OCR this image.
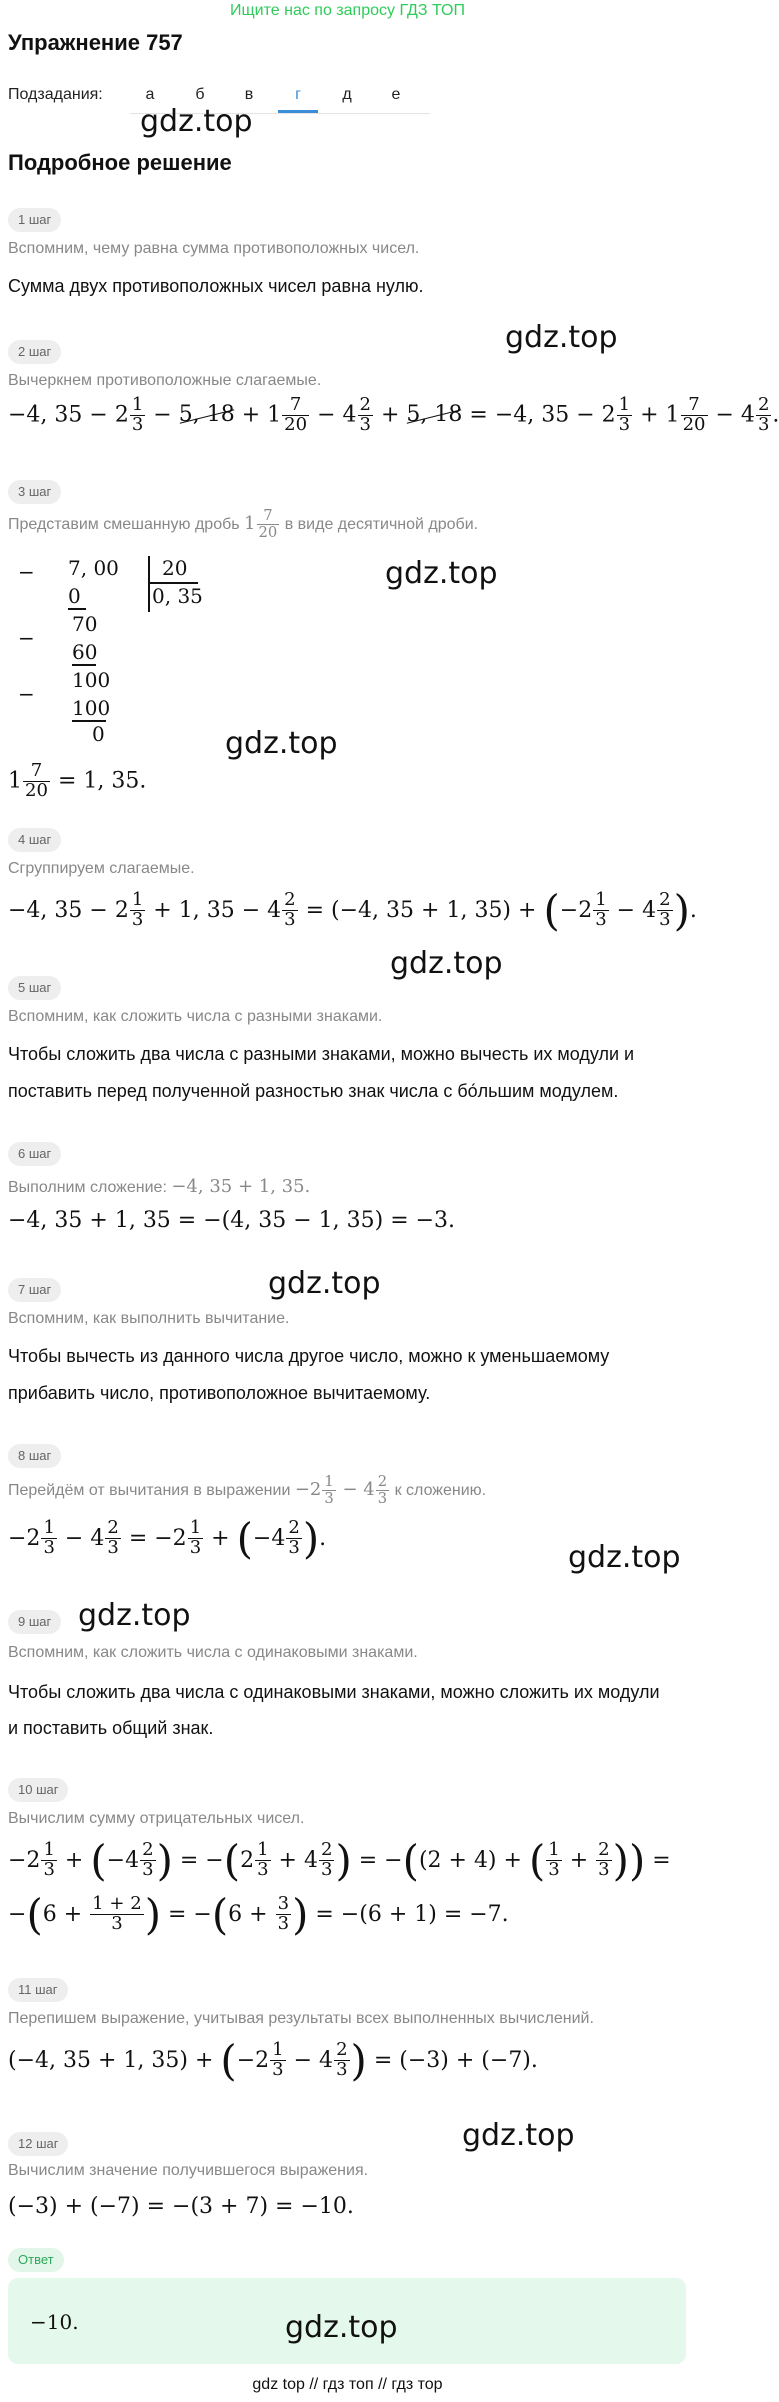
Ищите нас по запросу ГДЗ ТОП
Упражнение 757
Подзадания:	а	б	в	г	д	е
gdz.top
Подробное решение
1 шаг
Вспомним, чему равна сумма противоположных чисел.
Сумма двух противоположных чисел равна нулю.
gdz.top
2 шаг
Вычеркнем противоположные слагаемые.
−4, $35 - 2 \frac{1}{3} - 5$, $18 + 1 \frac{7}{20} - 4 \frac{2}{3} + 5$, 18 = −4, $35 - 2 \frac{1}{3} + 1 \frac{7}{20} - 4 \frac{2}{3}$ .
3 шаг
Представим смешанную дробь $1 \frac{7}{20}$ в виде десятичной дроби.
− 7, 00 20
0, 35
0
−
70
60
−
100
100
0
gdz.top
gdz.top
$1 \frac{7}{20} = 1$, 35.
4 шаг
Сгруппируем слагаемые.
−4, $35 - 2 \frac{1}{3} + 1$, $35 - 4 \frac{2}{3} = (-4$, 35 + 1, $35) + (-2 \frac{1}{3} - 4 \frac{2}{3}$ ).
gdz.top
5 шаг
Вспомним, как сложить числа с разными знаками.
Чтобы сложить два числа с разными знаками, можно вычесть их модули и
поставить перед полученной разностью знак числа с бо́льшим модулем.
6 шаг
Выполним сложение: −4, 35 + 1, 35.
−4, 35 + 1, 35 = −(4, 35 − 1, 35) = −3.
gdz.top
7 шаг
Вспомним, как выполнить вычитание.
Чтобы вычесть из данного числа другое число, можно к уменьшаемому
прибавить число, противоположное вычитаемому.
8 шаг
Перейдём от вычитания в выражении $-2 \frac{1}{3} - 4 \frac{2}{3}$ к сложению.
$-2 \frac{1}{3} - 4 \frac{2}{3} = -2 \frac{1}{3} + (-4 \frac{2}{3}$ ).
gdz.top
9 шаг gdz.top
Вспомним, как сложить числа с одинаковыми знаками.
Чтобы сложить два числа с одинаковыми знаками, можно сложить их модули
и поставить общий знак.
10 шаг
Вычислим сумму отрицательных чисел.
$-2 \frac{1}{3} + (-4 \frac{2}{3}$ ) = $-(2 \frac{1}{3} + 4 \frac{2}{3}$ ) = −((2 + 4) + ( $\frac{1}{3} + \frac{2}{3}$ )) =
$-(6 + \frac{1 + 2}{3}$ ) = $-(6 + \frac{3}{3}$ ) = −(6 + 1) = −7.
11 шаг
Перепишем выражение, учитывая результаты всех выполненных вычислений.
(−4, 35 + 1, $35) + (-2 \frac{1}{3} - 4 \frac{2}{3}$ ) = (−3) + (−7).
12 шаг	gdz.top
Вычислим значение получившегося выражения.
(−3) + (−7) = −(3 + 7) = −10.
Ответ
−10.	gdz.top
gdz top // гдз топ // гдз тор
